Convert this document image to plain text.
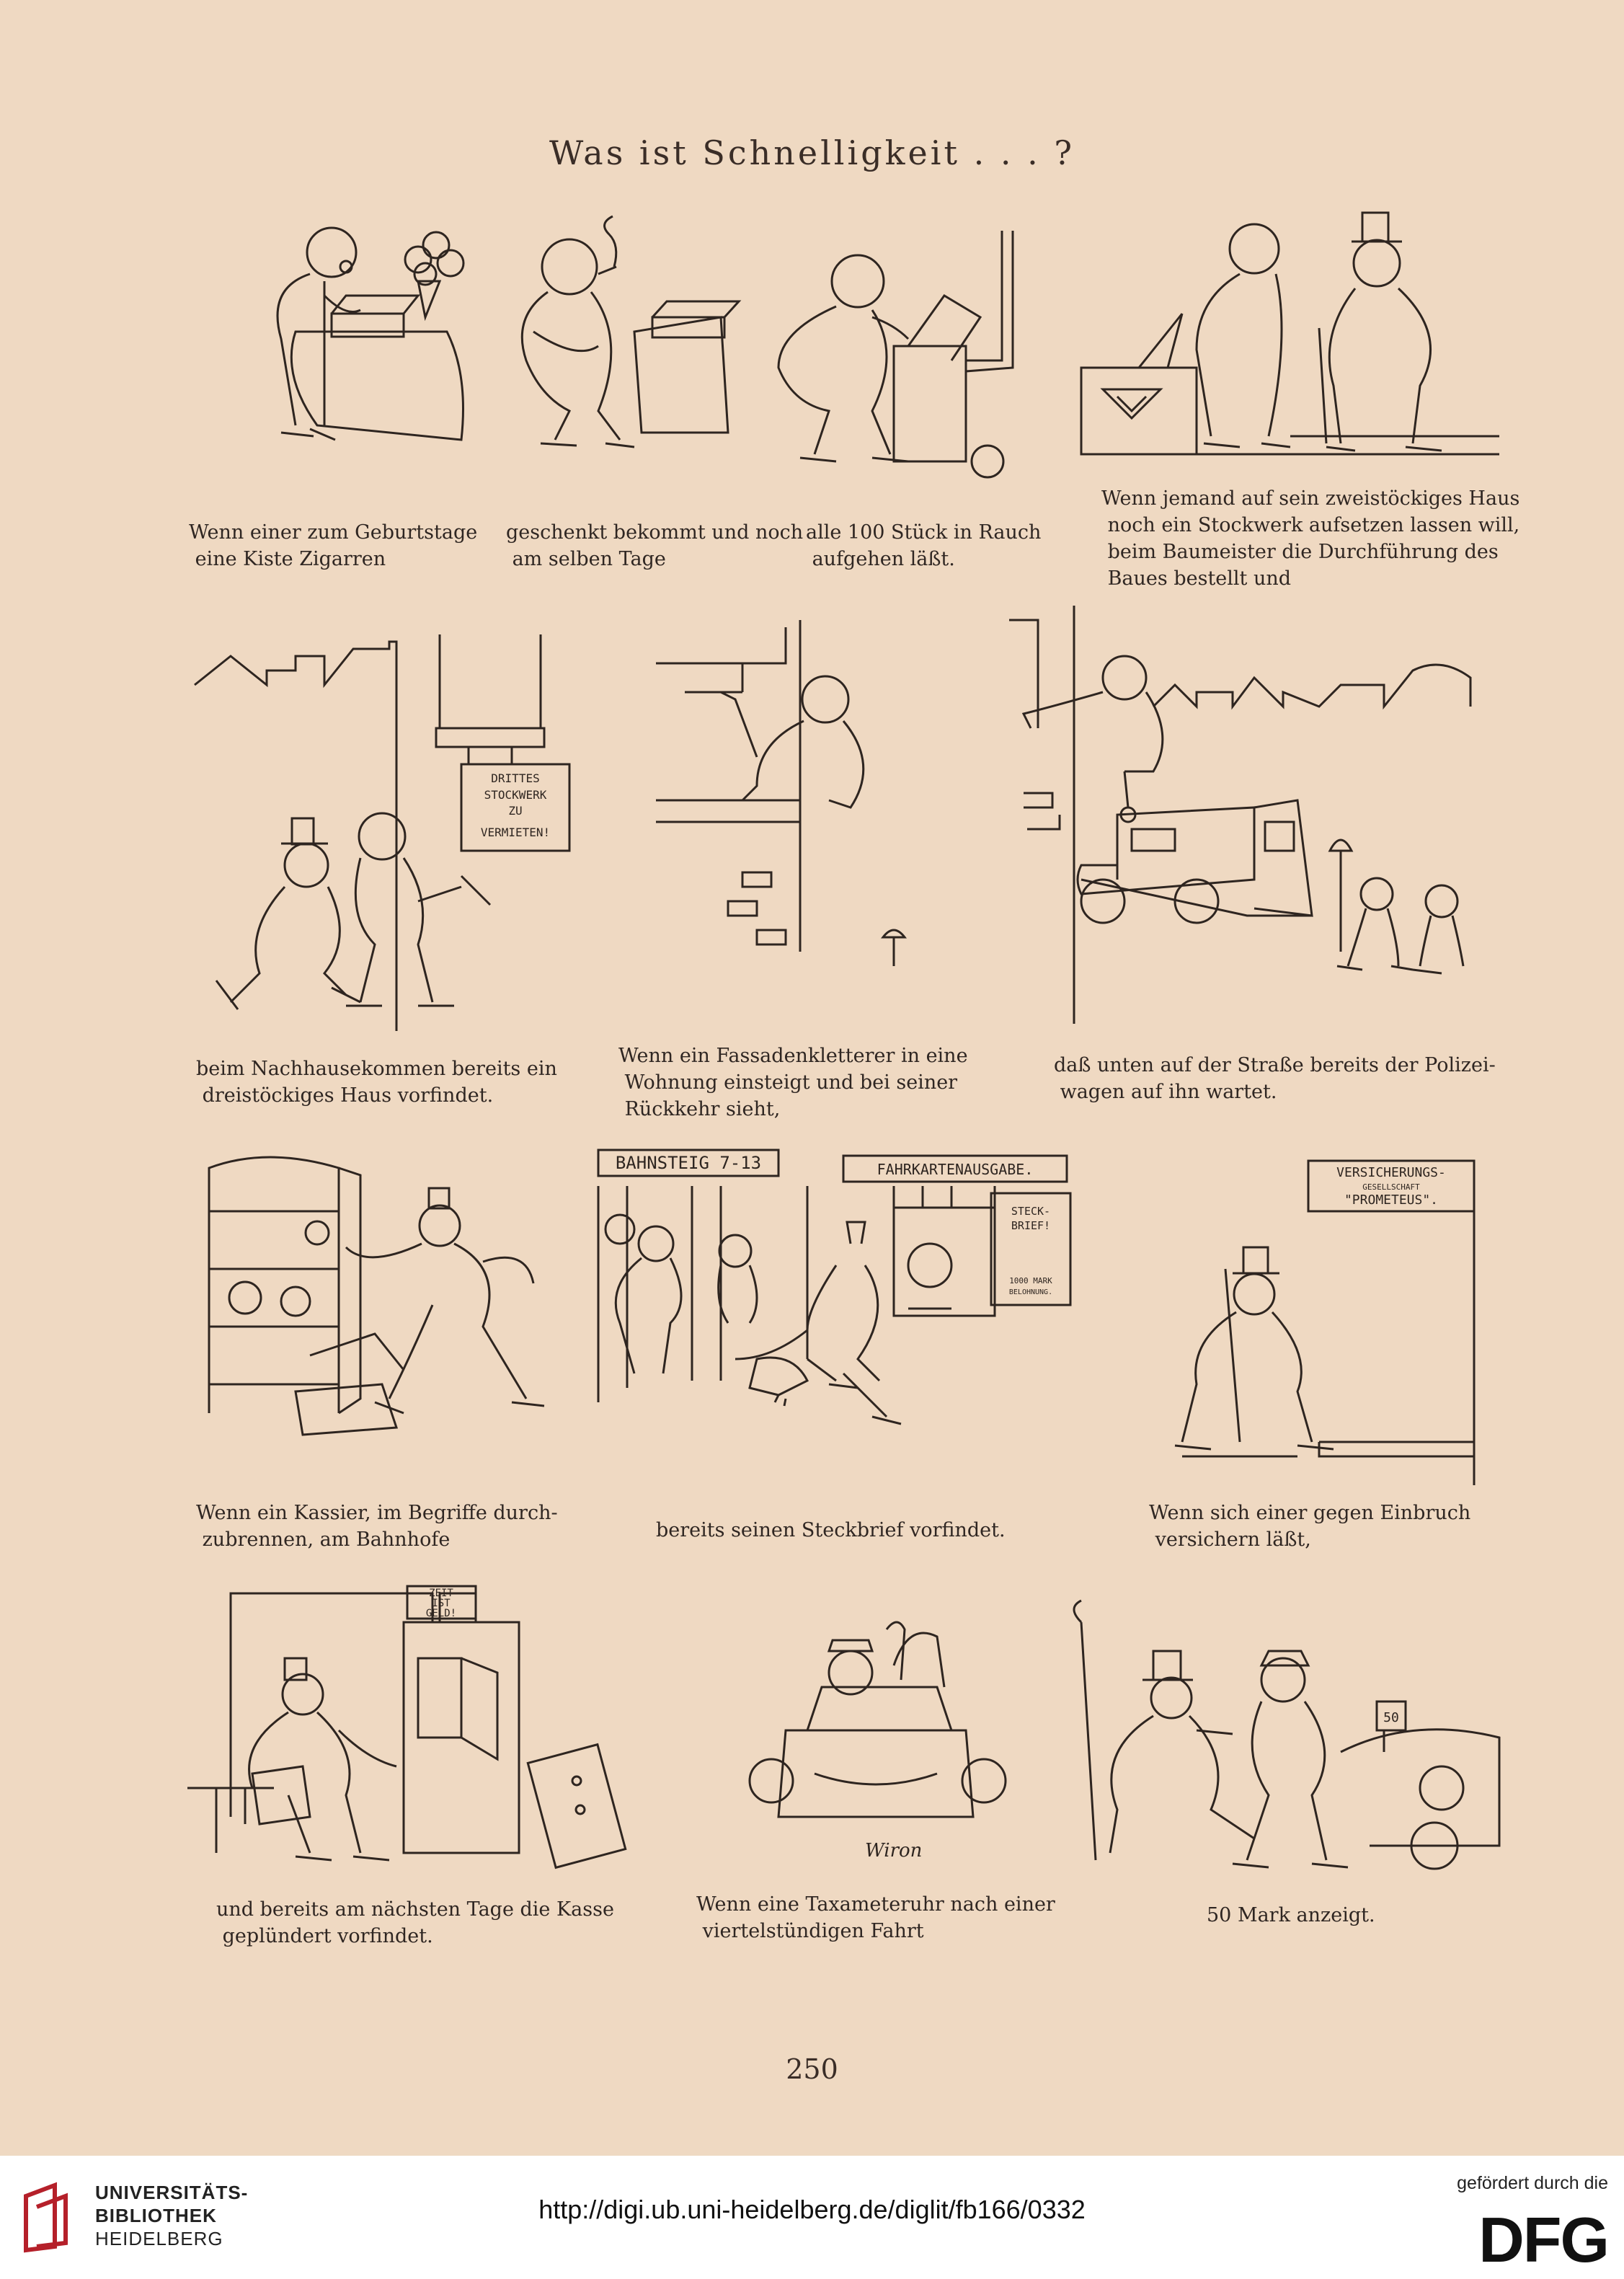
Was ist Schnelligkeit . . . ?
Wenn einer zum Geburtstage
eine Kiste Zigarren
geschenkt bekommt und noch
am selben Tage
alle 100 Stück in Rauch
aufgehen läßt.
Wenn jemand auf sein zweistöckiges Haus
noch ein Stockwerk aufsetzen lassen will,
beim Baumeister die Durchführung des
Baues bestellt und
DRITTES
STOCKWERK
ZU
VERMIETEN!
beim Nachhausekommen bereits ein
dreistöckiges Haus vorfindet.
Wenn ein Fassadenkletterer in eine
Wohnung einsteigt und bei seiner
Rückkehr sieht,
daß unten auf der Straße bereits der Polizei-
wagen auf ihn wartet.
BAHNSTEIG 7-13	FAHRKARTENAUSGABE.
STECK-
BRIEF!
1000 MARK
BELOHNUNG.
VERSICHERUNGS-
GESELLSCHAFT
"PROMETEUS".
Wenn ein Kassier, im Begriffe durch-
zubrennen, am Bahnhofe	bereits seinen Steckbrief vorfindet.
Wenn sich einer gegen Einbruch
versichern läßt,
ZEIT
IST
GELD!
Wiron
50
und bereits am nächsten Tage die Kasse
geplündert vorfindet.
Wenn eine Taxameteruhr nach einer
viertelstündigen Fahrt
50 Mark anzeigt.
250
UNIVERSITÄTS-
BIBLIOTHEK
HEIDELBERG
http://digi.ub.uni-heidelberg.de/diglit/fb166/0332
gefördert durch die
DFG
